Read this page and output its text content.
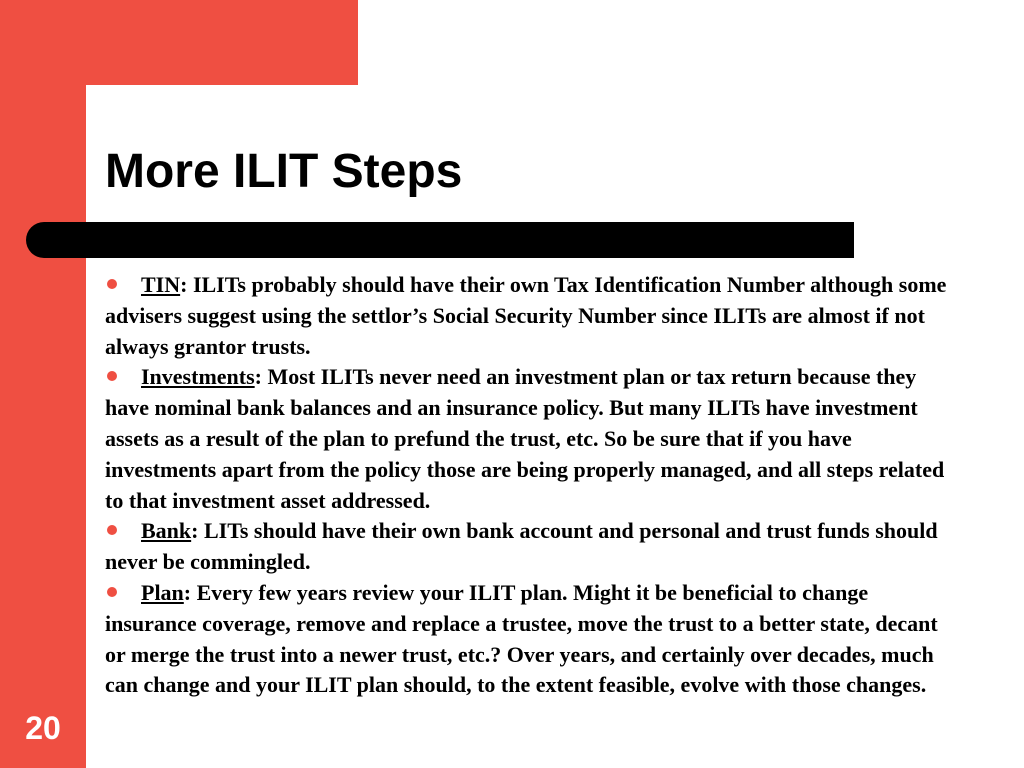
More ILIT Steps

TIN: ILITs probably should have their own Tax Identification Number although some advisers suggest using the settlor’s Social Security Number since ILITs are almost if not always grantor trusts.

Investments: Most ILITs never need an investment plan or tax return because they have nominal bank balances and an insurance policy. But many ILITs have investment assets as a result of the plan to prefund the trust, etc. So be sure that if you have investments apart from the policy those are being properly managed, and all steps related to that investment asset addressed.

Bank: LITs should have their own bank account and personal and trust funds should never be commingled.

Plan: Every few years review your ILIT plan. Might it be beneficial to change insurance coverage, remove and replace a trustee, move the trust to a better state, decant or merge the trust into a newer trust, etc.? Over years, and certainly over decades, much can change and your ILIT plan should, to the extent feasible, evolve with those changes.

20
